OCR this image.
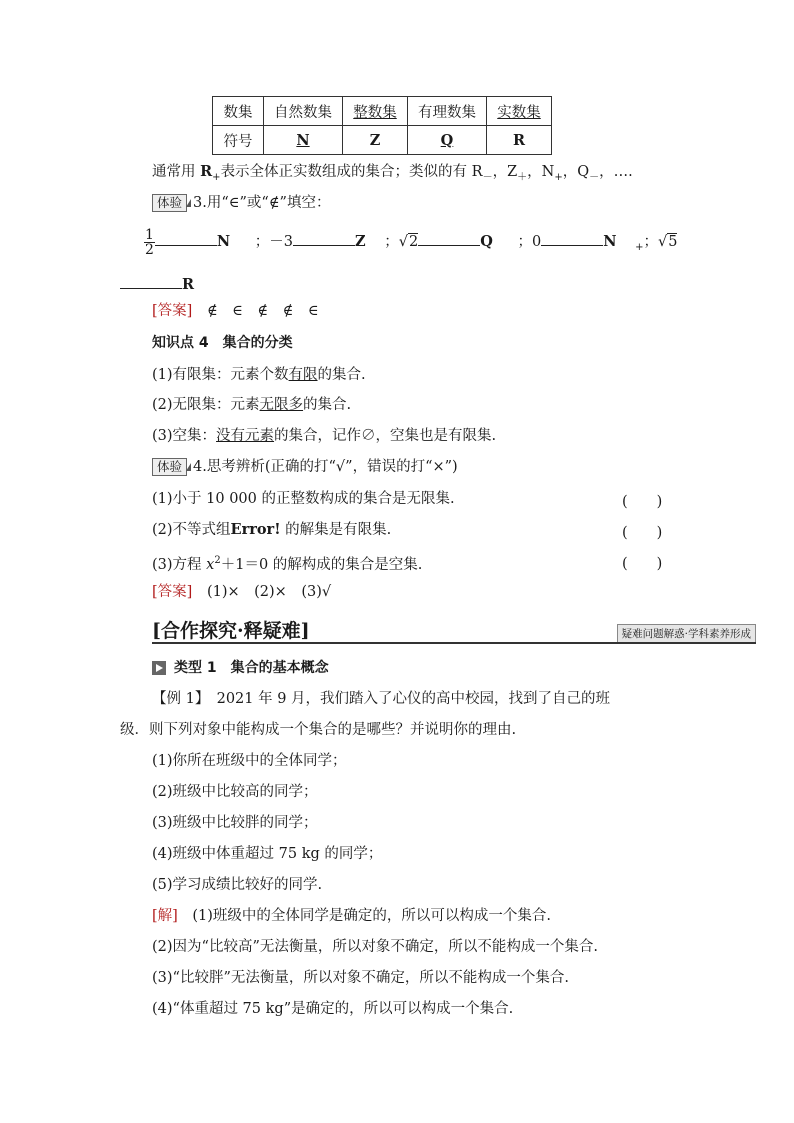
数集	自然数集	整数集	有理数集	实数集
符号	N	Z	Q	R
通常用 $R_+$表示全体正实数组成的集合；类似的有 $R_-$，$Z_+$，$N_+$，$Q_-$，….
体验 3.用“∈”或“∉”填空：
$\frac{1}{2}$	N ；－3	Z ；√2	Q ；0	N $_+$；√5
R
[答案] ∉　∈　∉　∉　∈
知识点 4　集合的分类
(1)有限集：元素个数有限的集合.
(2)无限集：元素无限多的集合.
(3)空集：没有元素的集合，记作∅，空集也是有限集.
体验 4.思考辨析(正确的打“√”，错误的打“×”)
(1)小于 10 000 的正整数构成的集合是无限集.	(　　)
(2)不等式组Error! 的解集是有限集.	(　　)
(3)方程 $x^2+1=0$ 的解构成的集合是空集.	(　　)
[答案] (1)×　(2)×　(3)√
[合作探究·释疑难]	疑难问题解惑·学科素养形成
类型 1　集合的基本概念
【例 1】　2021 年 9 月，我们踏入了心仪的高中校园，找到了自己的班
级．则下列对象中能构成一个集合的是哪些？并说明你的理由.
(1)你所在班级中的全体同学；
(2)班级中比较高的同学；
(3)班级中比较胖的同学；
(4)班级中体重超过 75 kg 的同学；
(5)学习成绩比较好的同学.
[解]　(1)班级中的全体同学是确定的，所以可以构成一个集合.
(2)因为“比较高”无法衡量，所以对象不确定，所以不能构成一个集合.
(3)“比较胖”无法衡量，所以对象不确定，所以不能构成一个集合.
(4)“体重超过 75 kg”是确定的，所以可以构成一个集合.
